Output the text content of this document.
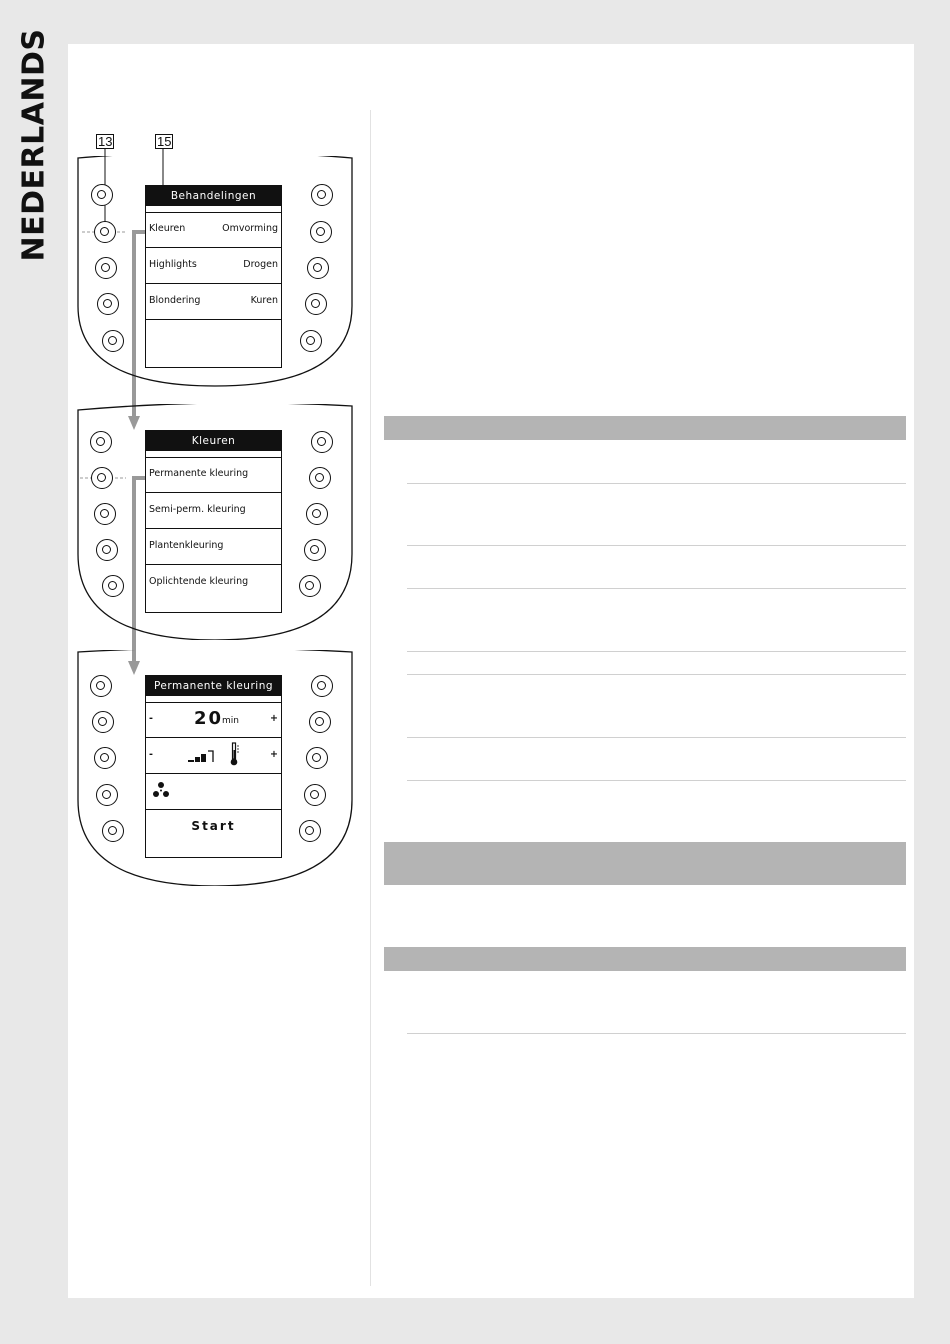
NEDERLANDS	13	15
Behandelingen
Kleuren	Omvorming
Highlights	Drogen
Blondering	Kuren
Kleuren
Permanente kleuring
Semi-perm. kleuring
Plantenkleuring
Oplichtende kleuring
Permanente kleuring
- 20
min	+
-	+
Start
